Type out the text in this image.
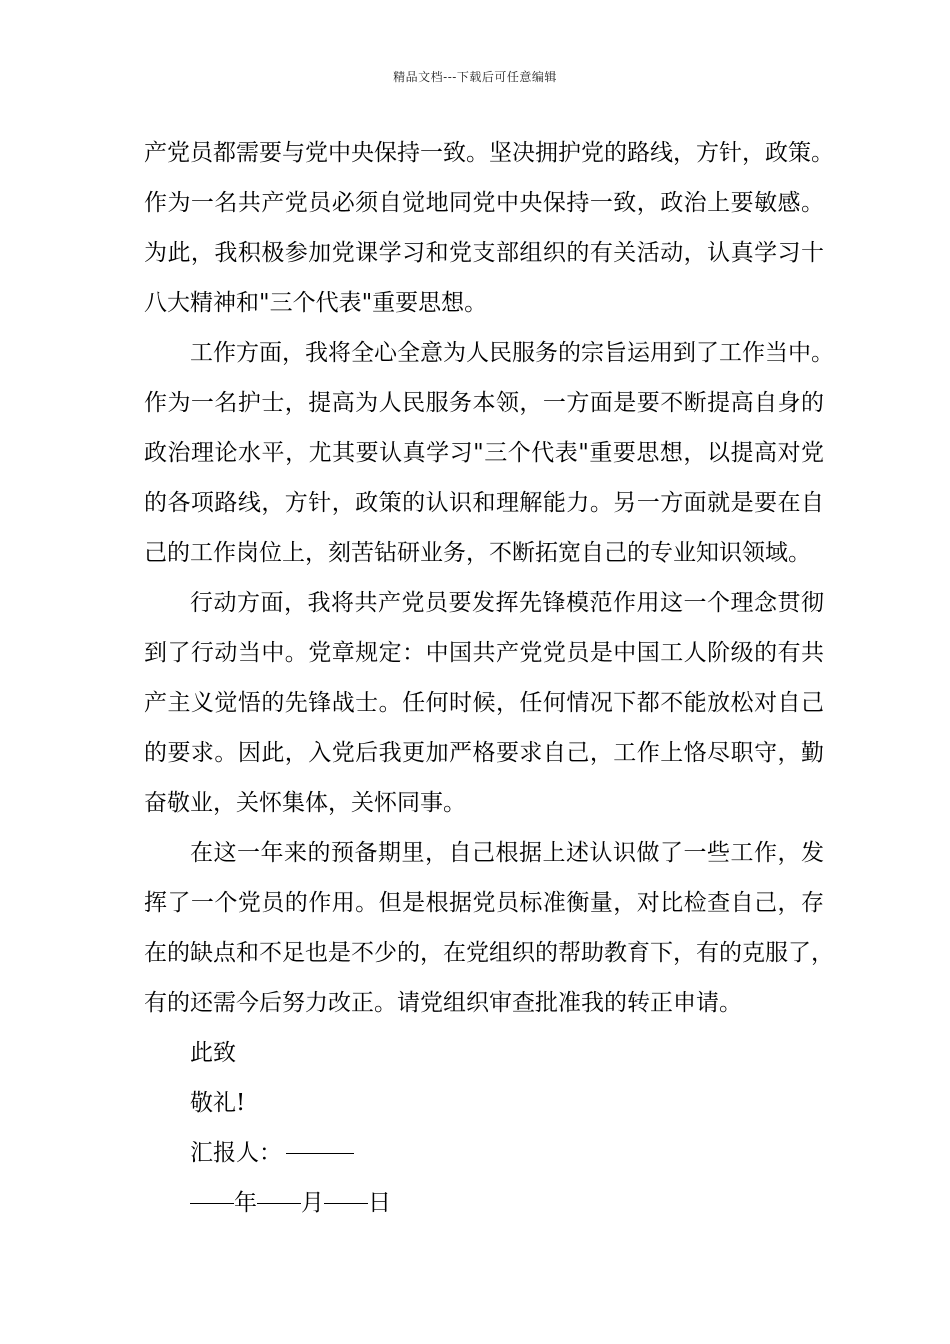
精品文档---下载后可任意编辑
产党员都需要与党中央保持一致。坚决拥护党的路线，方针，政策。
作为一名共产党员必须自觉地同党中央保持一致，政治上要敏感。
为此，我积极参加党课学习和党支部组织的有关活动，认真学习十
八大精神和"三个代表"重要思想。
工作方面，我将全心全意为人民服务的宗旨运用到了工作当中。
作为一名护士，提高为人民服务本领，一方面是要不断提高自身的
政治理论水平，尤其要认真学习"三个代表"重要思想，以提高对党
的各项路线，方针，政策的认识和理解能力。另一方面就是要在自
己的工作岗位上，刻苦钻研业务，不断拓宽自己的专业知识领域。
行动方面，我将共产党员要发挥先锋模范作用这一个理念贯彻
到了行动当中。党章规定：中国共产党党员是中国工人阶级的有共
产主义觉悟的先锋战士。任何时候，任何情况下都不能放松对自己
的要求。因此，入党后我更加严格要求自己，工作上恪尽职守，勤
奋敬业，关怀集体，关怀同事。
在这一年来的预备期里，自己根据上述认识做了一些工作，发
挥了一个党员的作用。但是根据党员标准衡量，对比检查自己，存
在的缺点和不足也是不少的，在党组织的帮助教育下，有的克服了，
有的还需今后努力改正。请党组织审查批准我的转正申请。
此致
敬礼!
汇报人：
年 月 日
